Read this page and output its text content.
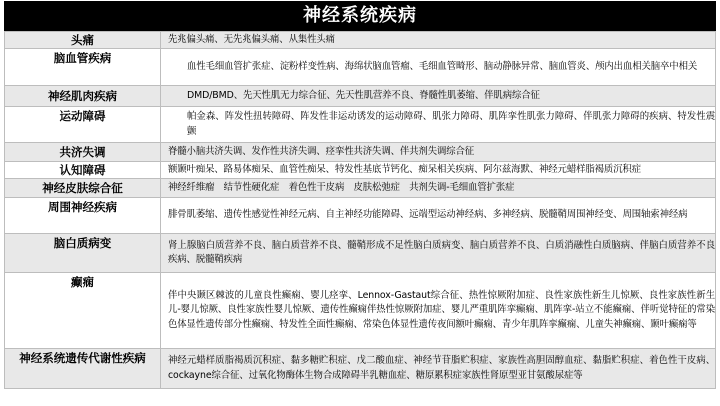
神经系统疾病
头痛	先兆偏头痛、无先兆偏头痛、从集性头痛
脑血管疾病	血性毛细血管扩张症、淀粉样变性病、海绵状脑血管瘤、毛细血管畸形、脑动静脉异常、脑血管炎、颅内出血相关脑卒中相关
神经肌肉疾病	DMD/BMD、先天性肌无力综合征、先天性肌营养不良、脊髓性肌萎缩、伴肌病综合征
运动障碍	帕金森、阵发性扭转障碍、阵发性非运动诱发的运动障碍、肌张力障碍、肌阵挛性肌张力障碍、伴肌张力障碍的疾病、特发性震颤
共济失调	脊髓小脑共济失调、发作性共济失调、痉挛性共济失调、伴共剂失调综合征
认知障碍	额颞叶痴呆、路易体痴呆、血管性痴呆、特发性基底节钙化、痴呆相关疾病、阿尔兹海默、神经元蜡样脂褐质沉积症
神经皮肤综合征	神经纤维瘤　结节性硬化症　着色性干皮病　皮肤松弛症　共剂失调-毛细血管扩张症
周围神经疾病	腓骨肌萎缩、遗传性感觉性神经元病、自主神经功能障碍、远端型运动神经病、多神经病、脱髓鞘周围神经变、周围轴索神经病
脑白质病变	肾上腺脑白质营养不良、脑白质营养不良、髓鞘形成不足性脑白质病变、脑白质营养不良、白质消融性白质脑病、伴脑白质营养不良疾病、脱髓鞘疾病
癫痫	伴中央颞区棘波的儿童良性癫痫、婴儿痉挛、Lennox-Gastaut综合征、热性惊厥附加症、良性家族性新生儿惊厥、良性家族性新生儿-婴儿惊厥、良性家族性婴儿惊厥、遗传性癫痫伴热性惊厥附加症、婴儿严重肌阵挛癫痫、肌阵挛-站立不能癫痫、伴听觉特征的常染色体显性遗传部分性癫痫、特发性全面性癫痫、常染色体显性遗传夜间额叶癫痫、青少年肌阵挛癫痫、儿童失神癫痫、颞叶癫痫等
神经系统遗传代谢性疾病	神经元蜡样质脂褐质沉积症、黏多糖贮积症、戊二酸血症、神经节苷脂贮积症、家族性高胆固醇血症、黏脂贮积症、着色性干皮病、cockayne综合征、过氧化物酶体生物合成障碍半乳糖血症、糖原累积症家族性肾原型亚甘氨酸尿症等
